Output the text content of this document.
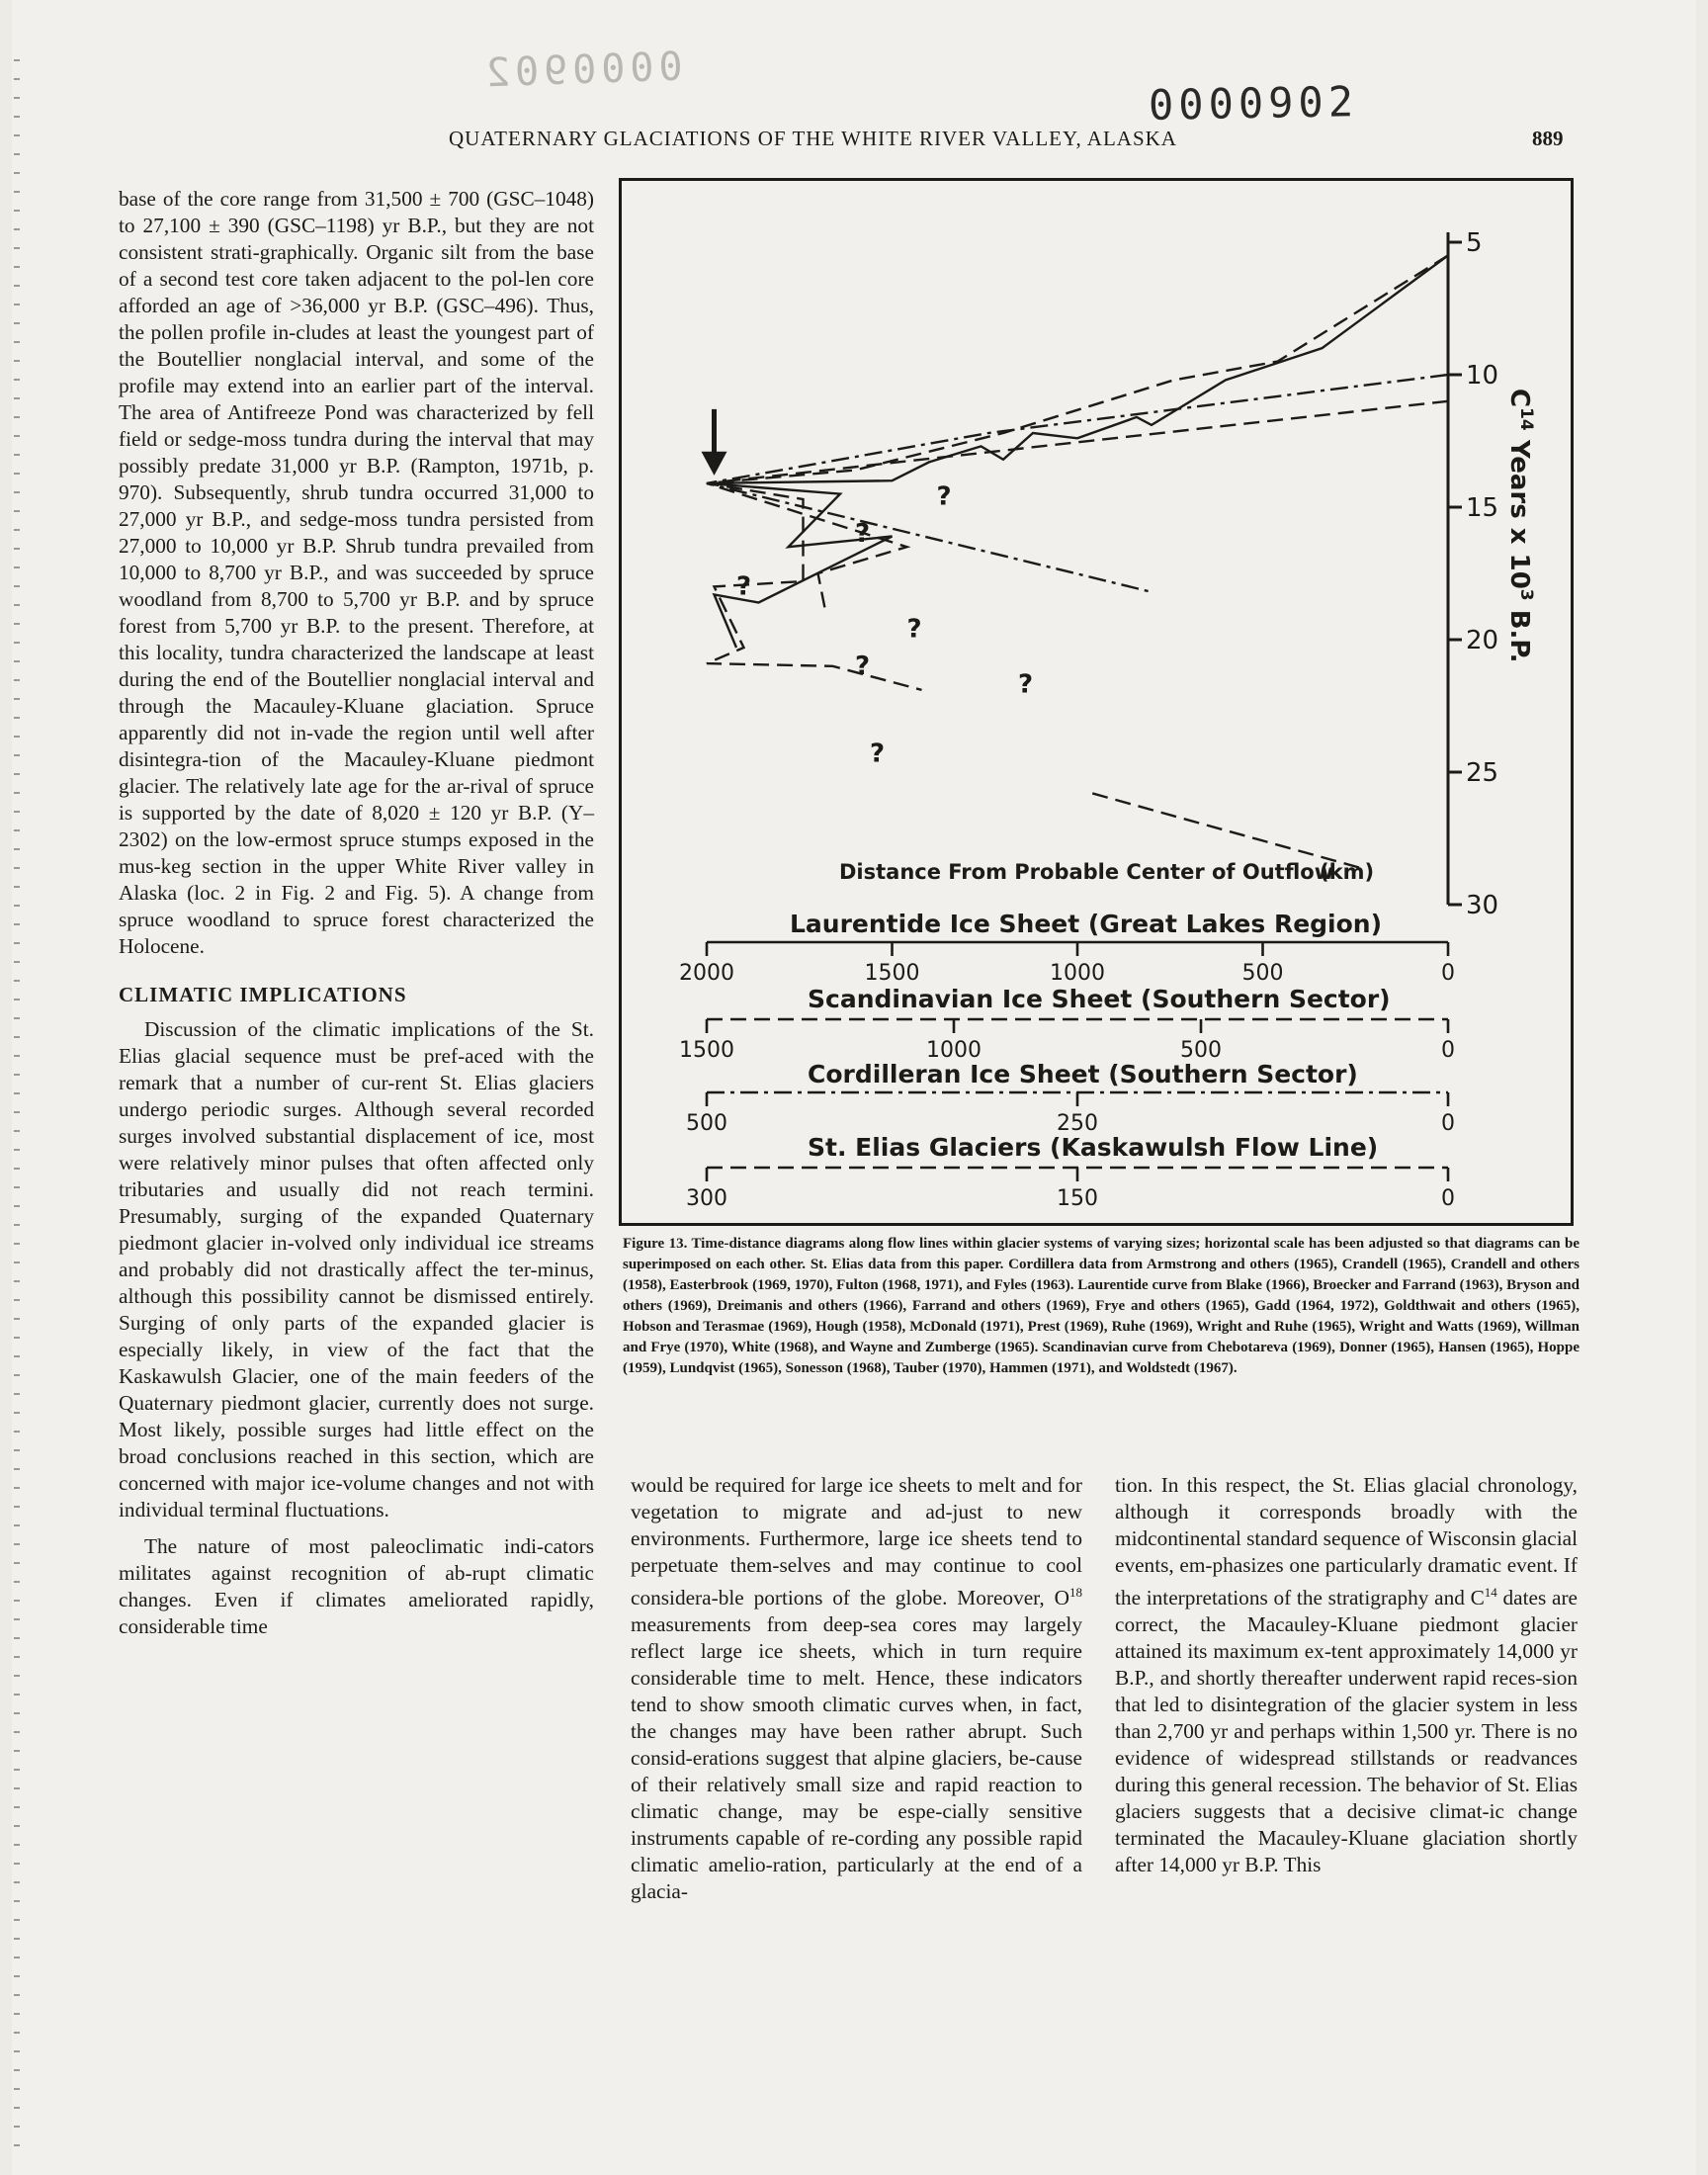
0000902
0000902
QUATERNARY GLACIATIONS OF THE WHITE RIVER VALLEY, ALASKA	889

base of the core range from 31,500 ± 700 (GSC–1048) to 27,100 ± 390 (GSC–1198) yr B.P., but they are not consistent strati-graphically. Organic silt from the base of a second test core taken adjacent to the pol-len core afforded an age of >36,000 yr B.P. (GSC–496). Thus, the pollen profile in-cludes at least the youngest part of the Boutellier nonglacial interval, and some of the profile may extend into an earlier part of the interval. The area of Antifreeze Pond was characterized by fell field or sedge-moss tundra during the interval that may possibly predate 31,000 yr B.P. (Rampton, 1971b, p. 970). Subsequently, shrub tundra occurred 31,000 to 27,000 yr B.P., and sedge-moss tundra persisted from 27,000 to 10,000 yr B.P. Shrub tundra prevailed from 10,000 to 8,700 yr B.P., and was succeeded by spruce woodland from 8,700 to 5,700 yr B.P. and by spruce forest from 5,700 yr B.P. to the present. Therefore, at this locality, tundra characterized the landscape at least during the end of the Boutellier nonglacial interval and through the Macauley-Kluane glaciation. Spruce apparently did not in-vade the region until well after disintegra-tion of the Macauley-Kluane piedmont glacier. The relatively late age for the ar-rival of spruce is supported by the date of 8,020 ± 120 yr B.P. (Y–2302) on the low-ermost spruce stumps exposed in the mus-keg section in the upper White River valley in Alaska (loc. 2 in Fig. 2 and Fig. 5). A change from spruce woodland to spruce forest characterized the Holocene.

CLIMATIC IMPLICATIONS

Discussion of the climatic implications of the St. Elias glacial sequence must be pref-aced with the remark that a number of cur-rent St. Elias glaciers undergo periodic surges. Although several recorded surges involved substantial displacement of ice, most were relatively minor pulses that often affected only tributaries and usually did not reach termini. Presumably, surging of the expanded Quaternary piedmont glacier in-volved only individual ice streams and probably did not drastically affect the ter-minus, although this possibility cannot be dismissed entirely. Surging of only parts of the expanded glacier is especially likely, in view of the fact that the Kaskawulsh Glacier, one of the main feeders of the Quaternary piedmont glacier, currently does not surge. Most likely, possible surges had little effect on the broad conclusions reached in this section, which are concerned with major ice-volume changes and not with individual terminal fluctuations.

The nature of most paleoclimatic indi-cators militates against recognition of ab-rupt climatic changes. Even if climates ameliorated rapidly, considerable time

5
10
15
20
25
30
$C^{14}$ Years x $10^3$ B.P.
?
?
?
?
?
?
?
Distance From Probable Center of Outflow
(km)
Laurentide Ice Sheet (Great Lakes Region)
2000	1500	1000	500	0
Scandinavian Ice Sheet (Southern Sector)
1500	1000	500	0
Cordilleran Ice Sheet (Southern Sector)
500	250	0
St. Elias Glaciers (Kaskawulsh Flow Line)
300	150	0
Figure 13. Time-distance diagrams along flow lines within glacier systems of varying sizes; horizontal scale has been adjusted so that diagrams can be superimposed on each other. St. Elias data from this paper. Cordillera data from Armstrong and others (1965), Crandell (1965), Crandell and others (1958), Easterbrook (1969, 1970), Fulton (1968, 1971), and Fyles (1963). Laurentide curve from Blake (1966), Broecker and Farrand (1963), Bryson and others (1969), Dreimanis and others (1966), Farrand and others (1969), Frye and others (1965), Gadd (1964, 1972), Goldthwait and others (1965), Hobson and Terasmae (1969), Hough (1958), McDonald (1971), Prest (1969), Ruhe (1969), Wright and Ruhe (1965), Wright and Watts (1969), Willman and Frye (1970), White (1968), and Wayne and Zumberge (1965). Scandinavian curve from Chebotareva (1969), Donner (1965), Hansen (1965), Hoppe (1959), Lundqvist (1965), Sonesson (1968), Tauber (1970), Hammen (1971), and Woldstedt (1967).

would be required for large ice sheets to melt and for vegetation to migrate and ad-just to new environments. Furthermore, large ice sheets tend to perpetuate them-selves and may continue to cool considera-ble portions of the globe. Moreover, $O^{18}$ measurements from deep-sea cores may largely reflect large ice sheets, which in turn require considerable time to melt. Hence, these indicators tend to show smooth climatic curves when, in fact, the changes may have been rather abrupt. Such consid-erations suggest that alpine glaciers, be-cause of their relatively small size and rapid reaction to climatic change, may be espe-cially sensitive instruments capable of re-cording any possible rapid climatic amelio-ration, particularly at the end of a glacia-

tion. In this respect, the St. Elias glacial chronology, although it corresponds broadly with the midcontinental standard sequence of Wisconsin glacial events, em-phasizes one particularly dramatic event. If the interpretations of the stratigraphy and $C^{14}$ dates are correct, the Macauley-Kluane piedmont glacier attained its maximum ex-tent approximately 14,000 yr B.P., and shortly thereafter underwent rapid reces-sion that led to disintegration of the glacier system in less than 2,700 yr and perhaps within 1,500 yr. There is no evidence of widespread stillstands or readvances during this general recession. The behavior of St. Elias glaciers suggests that a decisive climat-ic change terminated the Macauley-Kluane glaciation shortly after 14,000 yr B.P. This
